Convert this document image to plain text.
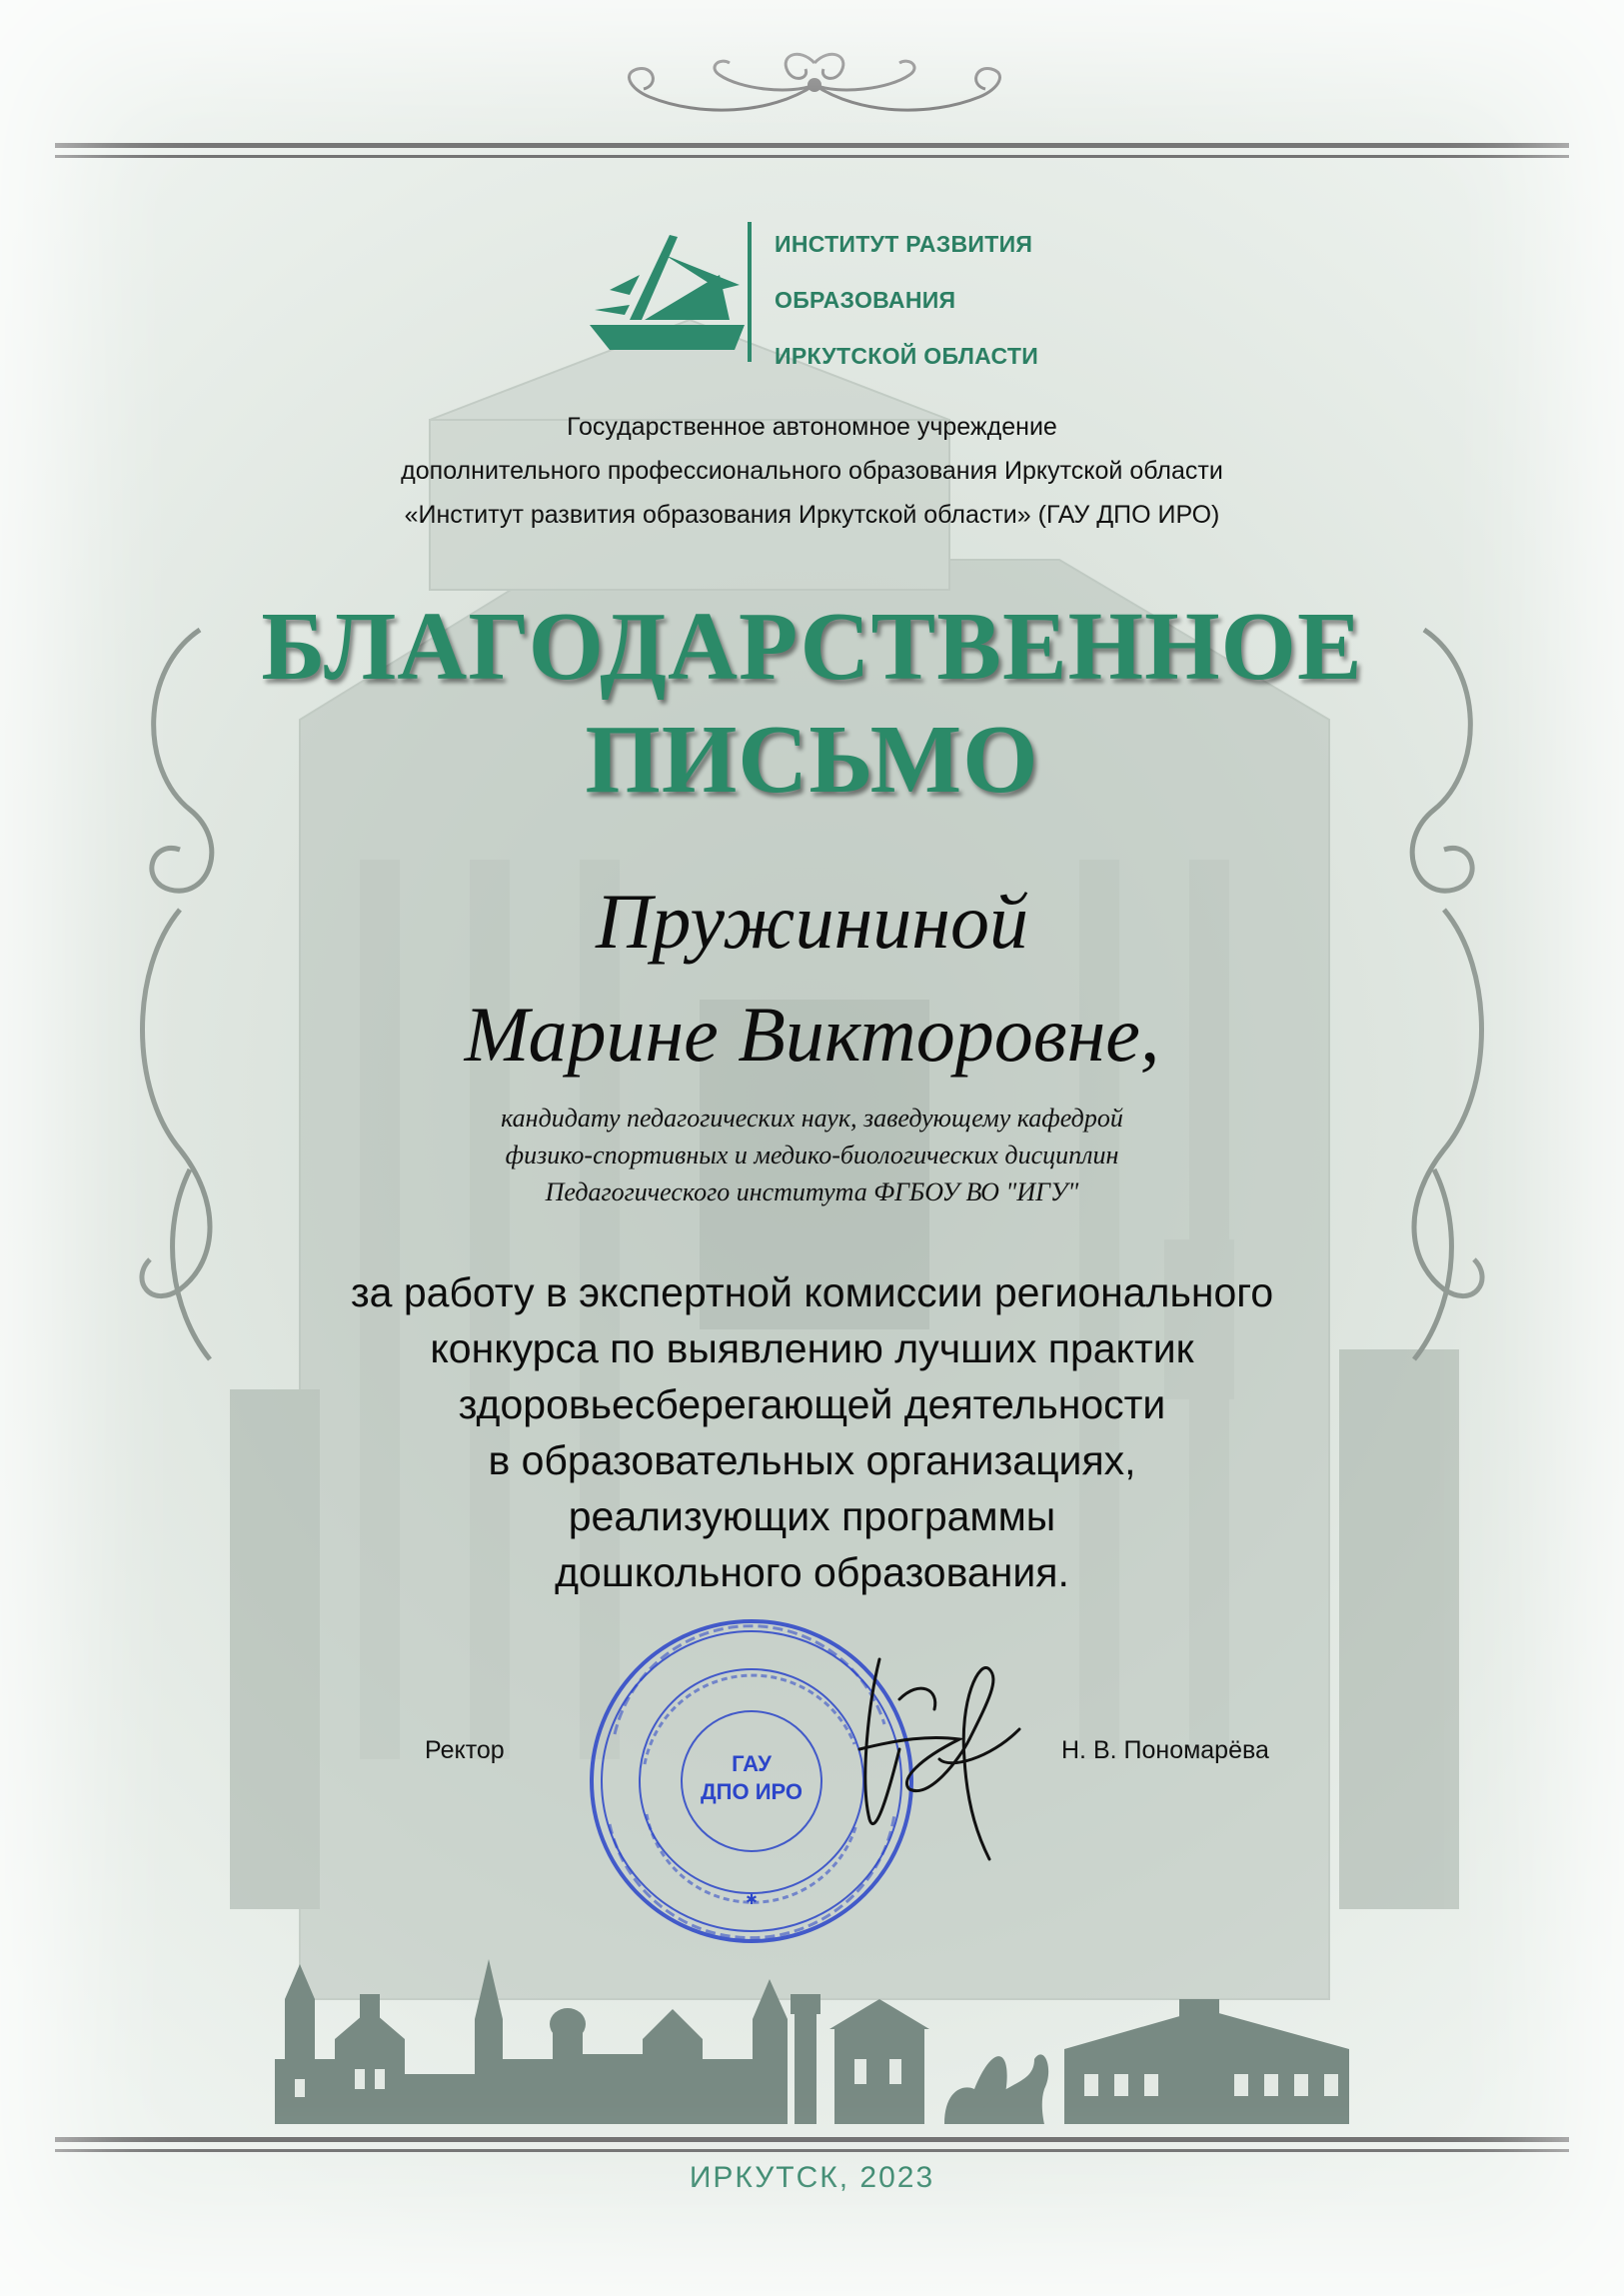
ИНСТИТУТ РАЗВИТИЯ
ОБРАЗОВАНИЯ
ИРКУТСКОЙ ОБЛАСТИ
Государственное автономное учреждение
дополнительного профессионального образования Иркутской области
«Институт развития образования Иркутской области» (ГАУ ДПО ИРО)
БЛАГОДАРСТВЕННОЕ
ПИСЬМО
Пружининой
Марине Викторовне,
кандидату педагогических наук, заведующему кафедрой
физико-спортивных и медико-биологических дисциплин
Педагогического института ФГБОУ ВО "ИГУ"
за работу в экспертной комиссии регионального
конкурса по выявлению лучших практик
здоровьесберегающей деятельности
в образовательных организациях,
реализующих программы
дошкольного образования.
Ректор	Н. В. Пономарёва
ГАУ
ДПО ИРО
✱
ИРКУТСК, 2023
